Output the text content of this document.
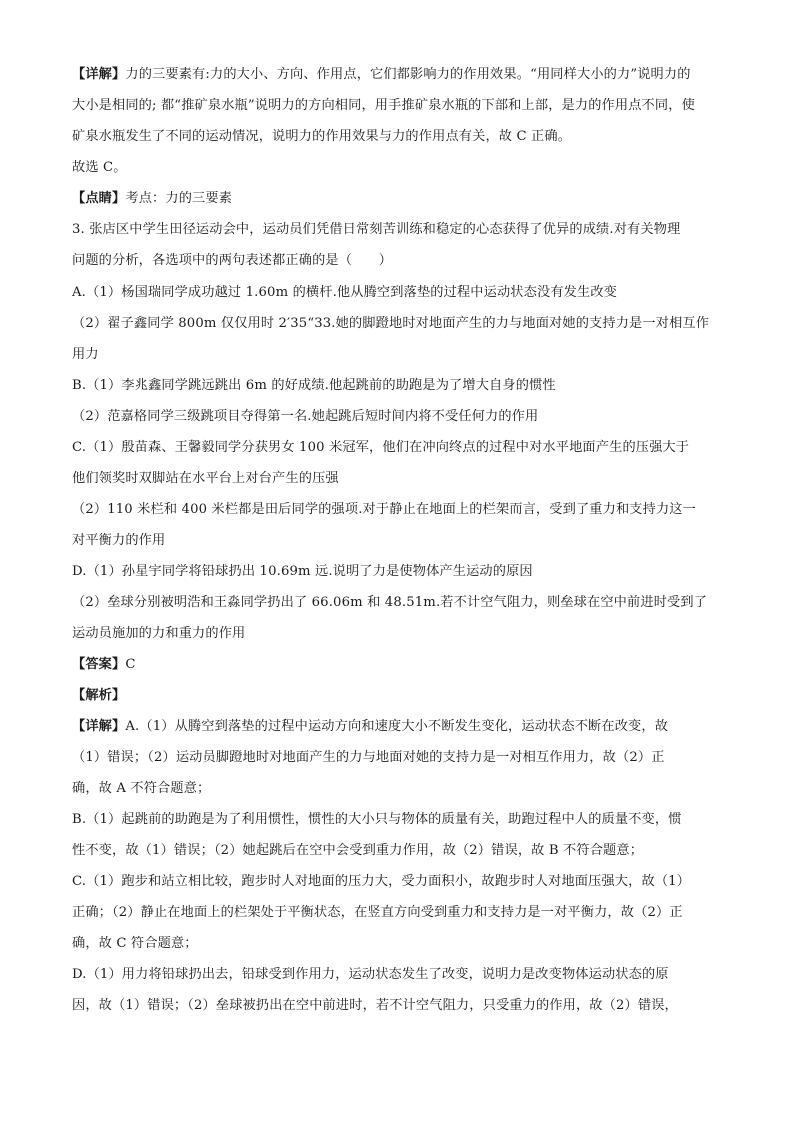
【详解】力的三要素有:力的大小、方向、作用点，它们都影响力的作用效果。“用同样大小的力”说明力的
大小是相同的; 都“推矿泉水瓶”说明力的方向相同，用手推矿泉水瓶的下部和上部，是力的作用点不同，使
矿泉水瓶发生了不同的运动情况，说明力的作用效果与力的作用点有关，故 C 正确。
故选 C。
【点睛】考点：力的三要素
3. 张店区中学生田径运动会中，运动员们凭借日常刻苦训练和稳定的心态获得了优异的成绩.对有关物理
问题的分析，各选项中的两句表述都正确的是（　　）
A.（1）杨国瑞同学成功越过 1.60m 的横杆.他从腾空到落垫的过程中运动状态没有发生改变
（2）翟子鑫同学 800m 仅仅用时 2′35“33.她的脚蹬地时对地面产生的力与地面对她的支持力是一对相互作
用力
B.（1）李兆鑫同学跳远跳出 6m 的好成绩.他起跳前的助跑是为了增大自身的惯性
（2）范嘉格同学三级跳项目夺得第一名.她起跳后短时间内将不受任何力的作用
C.（1）殷苗森、王馨毅同学分获男女 100 米冠军，他们在冲向终点的过程中对水平地面产生的压强大于
他们领奖时双脚站在水平台上对台产生的压强
（2）110 米栏和 400 米栏都是田后同学的强项.对于静止在地面上的栏架而言，受到了重力和支持力这一
对平衡力的作用
D.（1）孙星宇同学将铅球扔出 10.69m 远.说明了力是使物体产生运动的原因
（2）垒球分别被明浩和王淼同学扔出了 66.06m 和 48.51m.若不计空气阻力，则垒球在空中前进时受到了
运动员施加的力和重力的作用
【答案】C
【解析】
【详解】A.（1）从腾空到落垫的过程中运动方向和速度大小不断发生变化，运动状态不断在改变，故
（1）错误；（2）运动员脚蹬地时对地面产生的力与地面对她的支持力是一对相互作用力，故（2）正
确，故 A 不符合题意；
B.（1）起跳前的助跑是为了利用惯性，惯性的大小只与物体的质量有关，助跑过程中人的质量不变，惯
性不变，故（1）错误；（2）她起跳后在空中会受到重力作用，故（2）错误，故 B 不符合题意；
C.（1）跑步和站立相比较，跑步时人对地面的压力大，受力面积小，故跑步时人对地面压强大，故（1）
正确；（2）静止在地面上的栏架处于平衡状态，在竖直方向受到重力和支持力是一对平衡力，故（2）正
确，故 C 符合题意；
D.（1）用力将铅球扔出去，铅球受到作用力，运动状态发生了改变，说明力是改变物体运动状态的原
因，故（1）错误；（2）垒球被扔出在空中前进时，若不计空气阻力，只受重力的作用，故（2）错误，
